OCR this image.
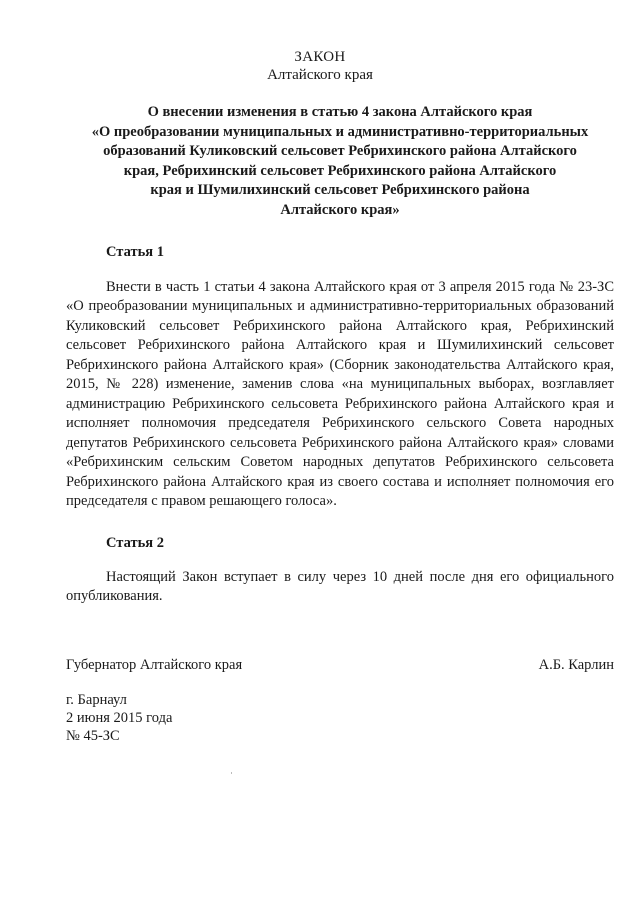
ЗАКОН
Алтайского края
О внесении изменения в статью 4 закона Алтайского края
«О преобразовании муниципальных и административно-территориальных
образований Куликовский сельсовет Ребрихинского района Алтайского
края, Ребрихинский сельсовет Ребрихинского района Алтайского
края и Шумилихинский сельсовет Ребрихинского района
Алтайского края»
Статья 1
Внести в часть 1 статьи 4 закона Алтайского края от 3 апреля 2015 года № 23-ЗС «О преобразовании муниципальных и административно-территориальных образований Куликовский сельсовет Ребрихинского района Алтайского края, Ребрихинский сельсовет Ребрихинского района Алтайского края и Шумилихинский сельсовет Ребрихинского района Алтайского края» (Сборник законодательства Алтайского края, 2015, № 228) изменение, заменив слова «на муниципальных выборах, возглавляет администрацию Ребрихинского сельсовета Ребрихинского района Алтайского края и исполняет полномочия председателя Ребрихинского сельского Совета народных депутатов Ребрихинского сельсовета Ребрихинского района Алтайского края» словами «Ребрихинским сельским Советом народных депутатов Ребрихинского сельсовета Ребрихинского района Алтайского края из своего состава и исполняет полномочия его председателя с правом решающего голоса».
Статья 2
Настоящий Закон вступает в силу через 10 дней после дня его официального опубликования.
Губернатор Алтайского края	А.Б. Карлин
г. Барнаул
2 июня 2015 года
№ 45-ЗС
